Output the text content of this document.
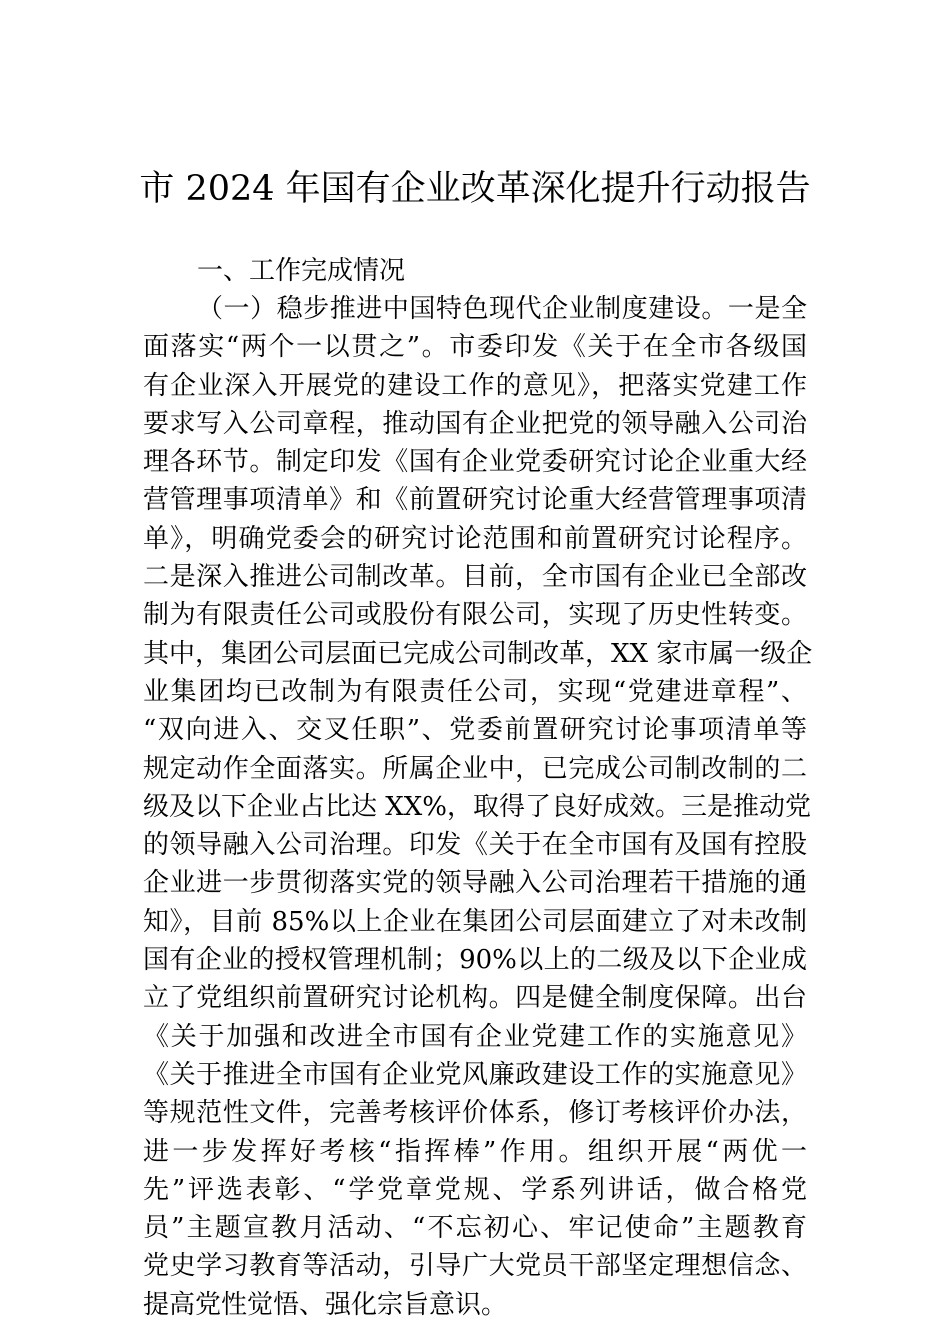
市 2024 年国有企业改革深化提升行动报告

一、工作完成情况

（一）稳步推进中国特色现代企业制度建设。一是全

面落实“两个一以贯之”。市委印发《关于在全市各级国

有企业深入开展党的建设工作的意见》，把落实党建工作

要求写入公司章程，推动国有企业把党的领导融入公司治

理各环节。制定印发《国有企业党委研究讨论企业重大经

营管理事项清单》和《前置研究讨论重大经营管理事项清

单》，明确党委会的研究讨论范围和前置研究讨论程序。

二是深入推进公司制改革。目前，全市国有企业已全部改

制为有限责任公司或股份有限公司，实现了历史性转变。

其中，集团公司层面已完成公司制改革，XX 家市属一级企

业集团均已改制为有限责任公司，实现“党建进章程”、

“双向进入、交叉任职”、党委前置研究讨论事项清单等

规定动作全面落实。所属企业中，已完成公司制改制的二

级及以下企业占比达 XX%，取得了良好成效。三是推动党

的领导融入公司治理。印发《关于在全市国有及国有控股

企业进一步贯彻落实党的领导融入公司治理若干措施的通

知》，目前 85%以上企业在集团公司层面建立了对未改制

国有企业的授权管理机制；90%以上的二级及以下企业成

立了党组织前置研究讨论机构。四是健全制度保障。出台

《关于加强和改进全市国有企业党建工作的实施意见》

《关于推进全市国有企业党风廉政建设工作的实施意见》

等规范性文件，完善考核评价体系，修订考核评价办法，

进一步发挥好考核“指挥棒”作用。组织开展“两优一

先”评选表彰、“学党章党规、学系列讲话，做合格党

员”主题宣教月活动、“不忘初心、牢记使命”主题教育

党史学习教育等活动，引导广大党员干部坚定理想信念、

提高党性觉悟、强化宗旨意识。
